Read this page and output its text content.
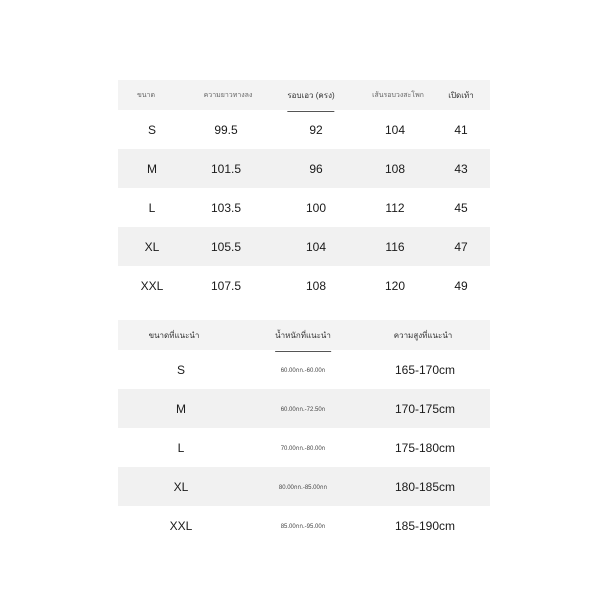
ขนาด	ความยาวทางลง	รอบเอว (ครง)	เส้นรอบวงสะโพก	เปิดเท้า
S	99.5	92	104	41
M	101.5	96	108	43
L	103.5	100	112	45
XL	105.5	104	116	47
XXL	107.5	108	120	49
ขนาดที่แนะนำ	น้ำหนักที่แนะนำ	ความสูงที่แนะนำ
S	60.00กก.-60.00ก	165-170cm
M	60.00กก.-72.50ก	170-175cm
L	70.00กก.-80.00ก	175-180cm
XL	80.00กก.-85.00กก	180-185cm
XXL	85.00กก.-95.00ก	185-190cm
